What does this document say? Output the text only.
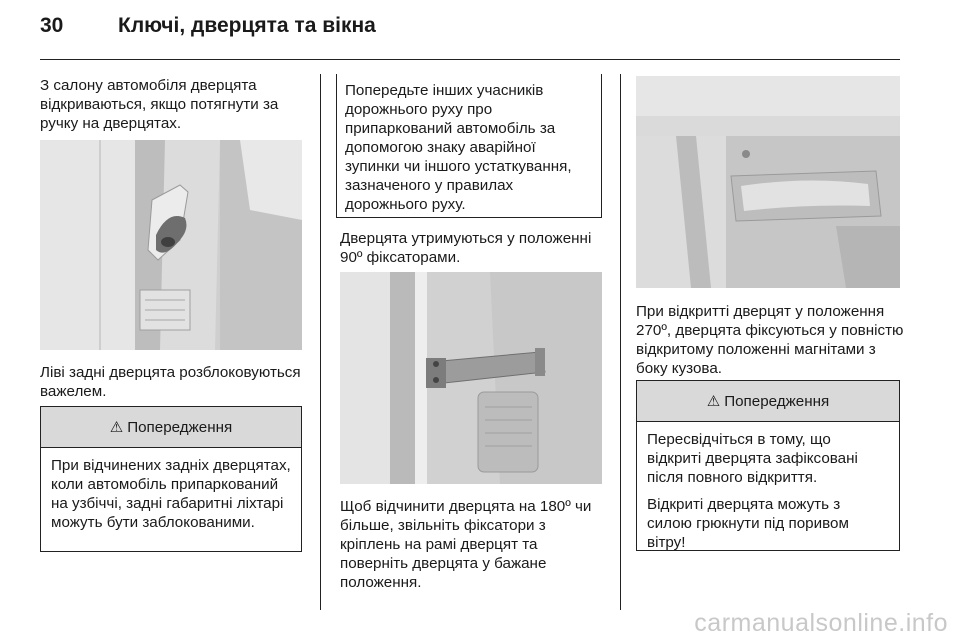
30	Ключі, дверцята та вікна
З салону автомобіля дверцята відкриваються, якщо потягнути за ручку на дверцятах.
Ліві задні дверцята розблоковуються важелем.
⚠ Попередження

При відчинених задніх дверцятах, коли автомобіль припаркований на узбіччі, задні габаритні ліхтарі можуть бути заблокованими.

Попередьте інших учасників дорожнього руху про припаркований автомобіль за допомогою знаку аварійної зупинки чи іншого устаткування, зазначеного у правилах дорожнього руху.
Дверцята утримуються у положенні 90º фіксаторами.
Щоб відчинити дверцята на 180º чи більше, звільніть фіксатори з кріплень на рамі дверцят та поверніть дверцята у бажане положення.
При відкритті дверцят у положення 270º, дверцята фіксуються у повністю відкритому положенні магнітами з боку кузова.
⚠ Попередження

Пересвідчіться в тому, що відкриті дверцята зафіксовані після повного відкриття.

Відкриті дверцята можуть з силою грюкнути під поривом вітру!

carmanualsonline.info
